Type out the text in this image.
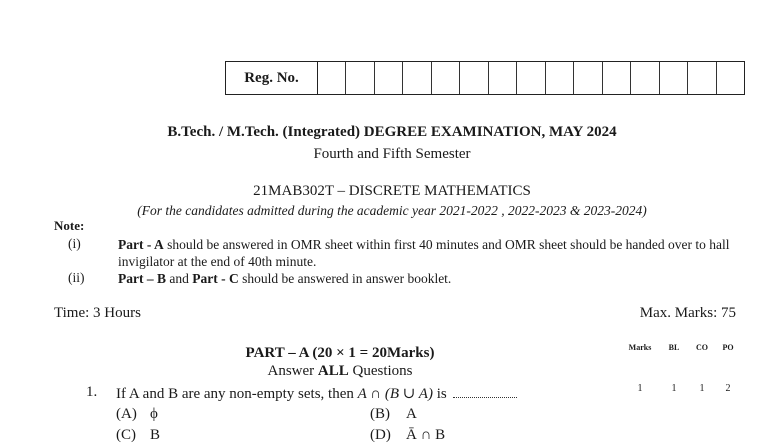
Reg. No.
B.Tech. / M.Tech. (Integrated) DEGREE EXAMINATION, MAY 2024
Fourth and Fifth Semester
21MAB302T – DISCRETE MATHEMATICS
(For the candidates admitted during the academic year 2021-2022 , 2022-2023 & 2023-2024)
Note:
(i)	Part - A should be answered in OMR sheet within first 40 minutes and OMR sheet should be handed over to hall invigilator at the end of 40th minute.
(ii) Part – B and Part - C should be answered in answer booklet.
Time: 3 Hours	Max. Marks: 75
PART – A (20 × 1 = 20Marks)
Answer ALL Questions
Marks	BL	CO	PO
1. If A and B are any non-empty sets, then A ∩ (B ∪ A) is	1	1	1	2
(A) ϕ	(B) A
(C) B	(D) Ā ∩ B
